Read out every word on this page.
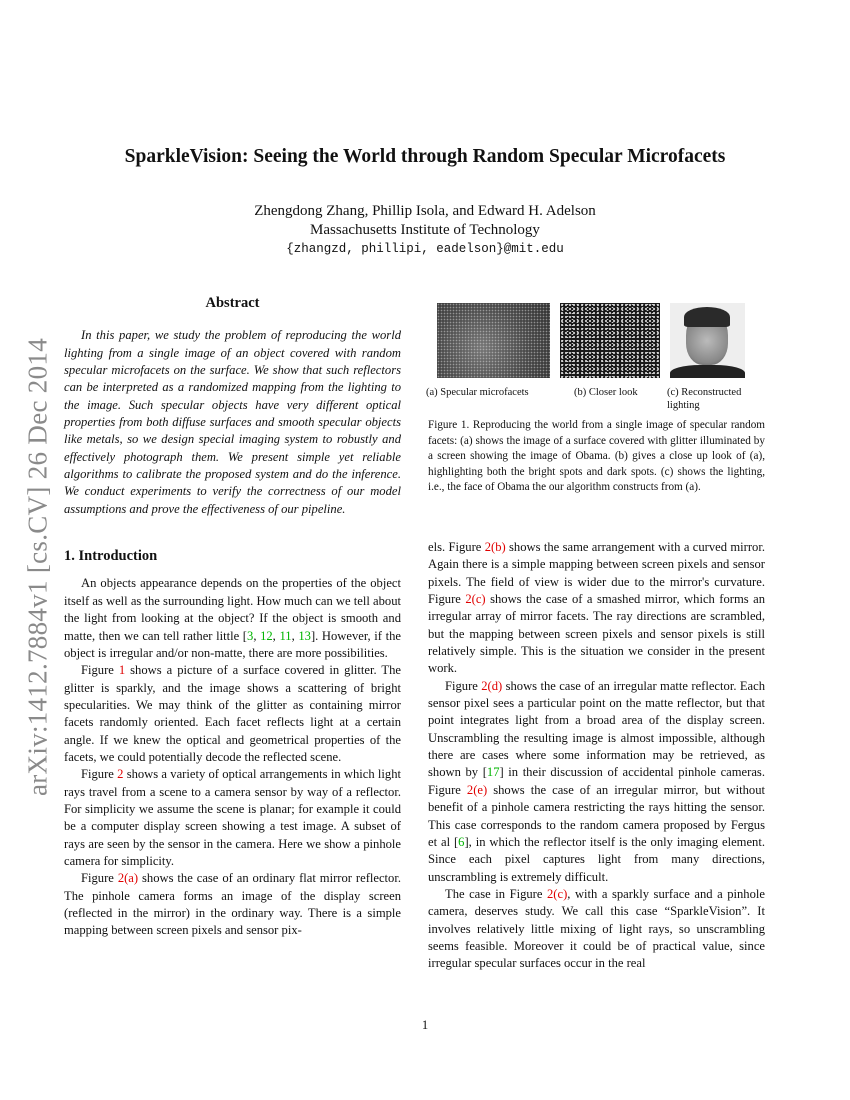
arXiv:1412.7884v1 [cs.CV] 26 Dec 2014
SparkleVision: Seeing the World through Random Specular Microfacets
Zhengdong Zhang, Phillip Isola, and Edward H. Adelson
Massachusetts Institute of Technology
{zhangzd, phillipi, eadelson}@mit.edu
Abstract

In this paper, we study the problem of reproducing the world lighting from a single image of an object covered with random specular microfacets on the surface. We show that such reflectors can be interpreted as a randomized mapping from the lighting to the image. Such specular objects have very different optical properties from both diffuse surfaces and smooth specular objects like metals, so we design special imaging system to robustly and effectively photograph them. We present simple yet reliable algorithms to calibrate the proposed system and do the inference. We conduct experiments to verify the correctness of our model assumptions and prove the effectiveness of our pipeline.

1. Introduction

An objects appearance depends on the properties of the object itself as well as the surrounding light. How much can we tell about the light from looking at the object? If the object is smooth and matte, then we can tell rather little [3, 12, 11, 13]. However, if the object is irregular and/or non-matte, there are more possibilities.

Figure 1 shows a picture of a surface covered in glitter. The glitter is sparkly, and the image shows a scattering of bright specularities. We may think of the glitter as containing mirror facets randomly oriented. Each facet reflects light at a certain angle. If we knew the optical and geometrical properties of the facets, we could potentially decode the reflected scene.

Figure 2 shows a variety of optical arrangements in which light rays travel from a scene to a camera sensor by way of a reflector. For simplicity we assume the scene is planar; for example it could be a computer display screen showing a test image. A subset of rays are seen by the sensor in the camera. Here we show a pinhole camera for simplicity.

Figure 2(a) shows the case of an ordinary flat mirror reflector. The pinhole camera forms an image of the display screen (reflected in the mirror) in the ordinary way. There is a simple mapping between screen pixels and sensor pix-

(a) Specular microfacets	(b) Closer look	(c) Reconstructed lighting
Figure 1. Reproducing the world from a single image of specular random facets: (a) shows the image of a surface covered with glitter illuminated by a screen showing the image of Obama. (b) gives a close up look of (a), highlighting both the bright spots and dark spots. (c) shows the lighting, i.e., the face of Obama the our algorithm constructs from (a).

els. Figure 2(b) shows the same arrangement with a curved mirror. Again there is a simple mapping between screen pixels and sensor pixels. The field of view is wider due to the mirror's curvature. Figure 2(c) shows the case of a smashed mirror, which forms an irregular array of mirror facets. The ray directions are scrambled, but the mapping between screen pixels and sensor pixels is still relatively simple. This is the situation we consider in the present work.

Figure 2(d) shows the case of an irregular matte reflector. Each sensor pixel sees a particular point on the matte reflector, but that point integrates light from a broad area of the display screen. Unscrambling the resulting image is almost impossible, although there are cases where some information may be retrieved, as shown by [17] in their discussion of accidental pinhole cameras. Figure 2(e) shows the case of an irregular mirror, but without benefit of a pinhole camera restricting the rays hitting the sensor. This case corresponds to the random camera proposed by Fergus et al [6], in which the reflector itself is the only imaging element. Since each pixel captures light from many directions, unscrambling is extremely difficult.

The case in Figure 2(c), with a sparkly surface and a pinhole camera, deserves study. We call this case “SparkleVision”. It involves relatively little mixing of light rays, so unscrambling seems feasible. Moreover it could be of practical value, since irregular specular surfaces occur in the real

1
